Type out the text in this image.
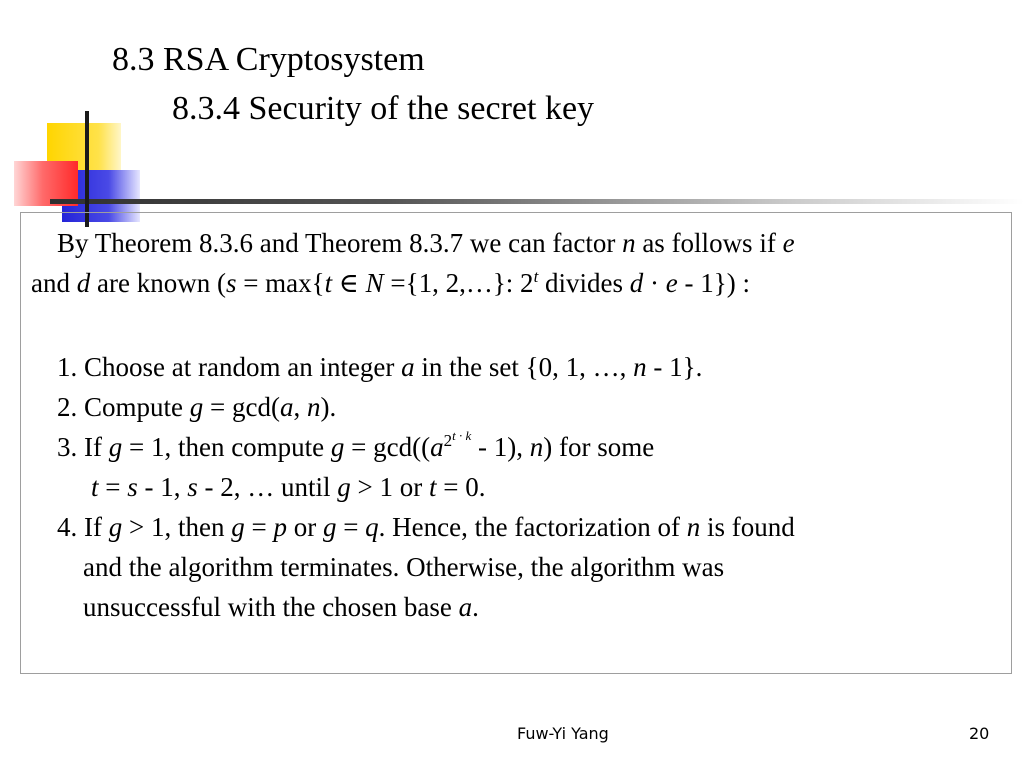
8.3 RSA Cryptosystem
8.3.4 Security of the secret key
By Theorem 8.3.6 and Theorem 8.3.7 we can factor n as follows if e
and d are known (s = max{t ∈ N ={1, 2,…}: 2$^t$ divides d · e - 1}) :
1. Choose at random an integer a in the set {0, 1, …, n - 1}.
2. Compute g = gcd(a, n).
3. If g = 1, then compute $g = \gcd((a^{2t \cdot k} - 1)$, n) for some
t = s - 1, s - 2, … until g > 1 or t = 0.
4. If g > 1, then g = p or g = q. Hence, the factorization of n is found
and the algorithm terminates. Otherwise, the algorithm was
unsuccessful with the chosen base a.
Fuw-Yi Yang	20
